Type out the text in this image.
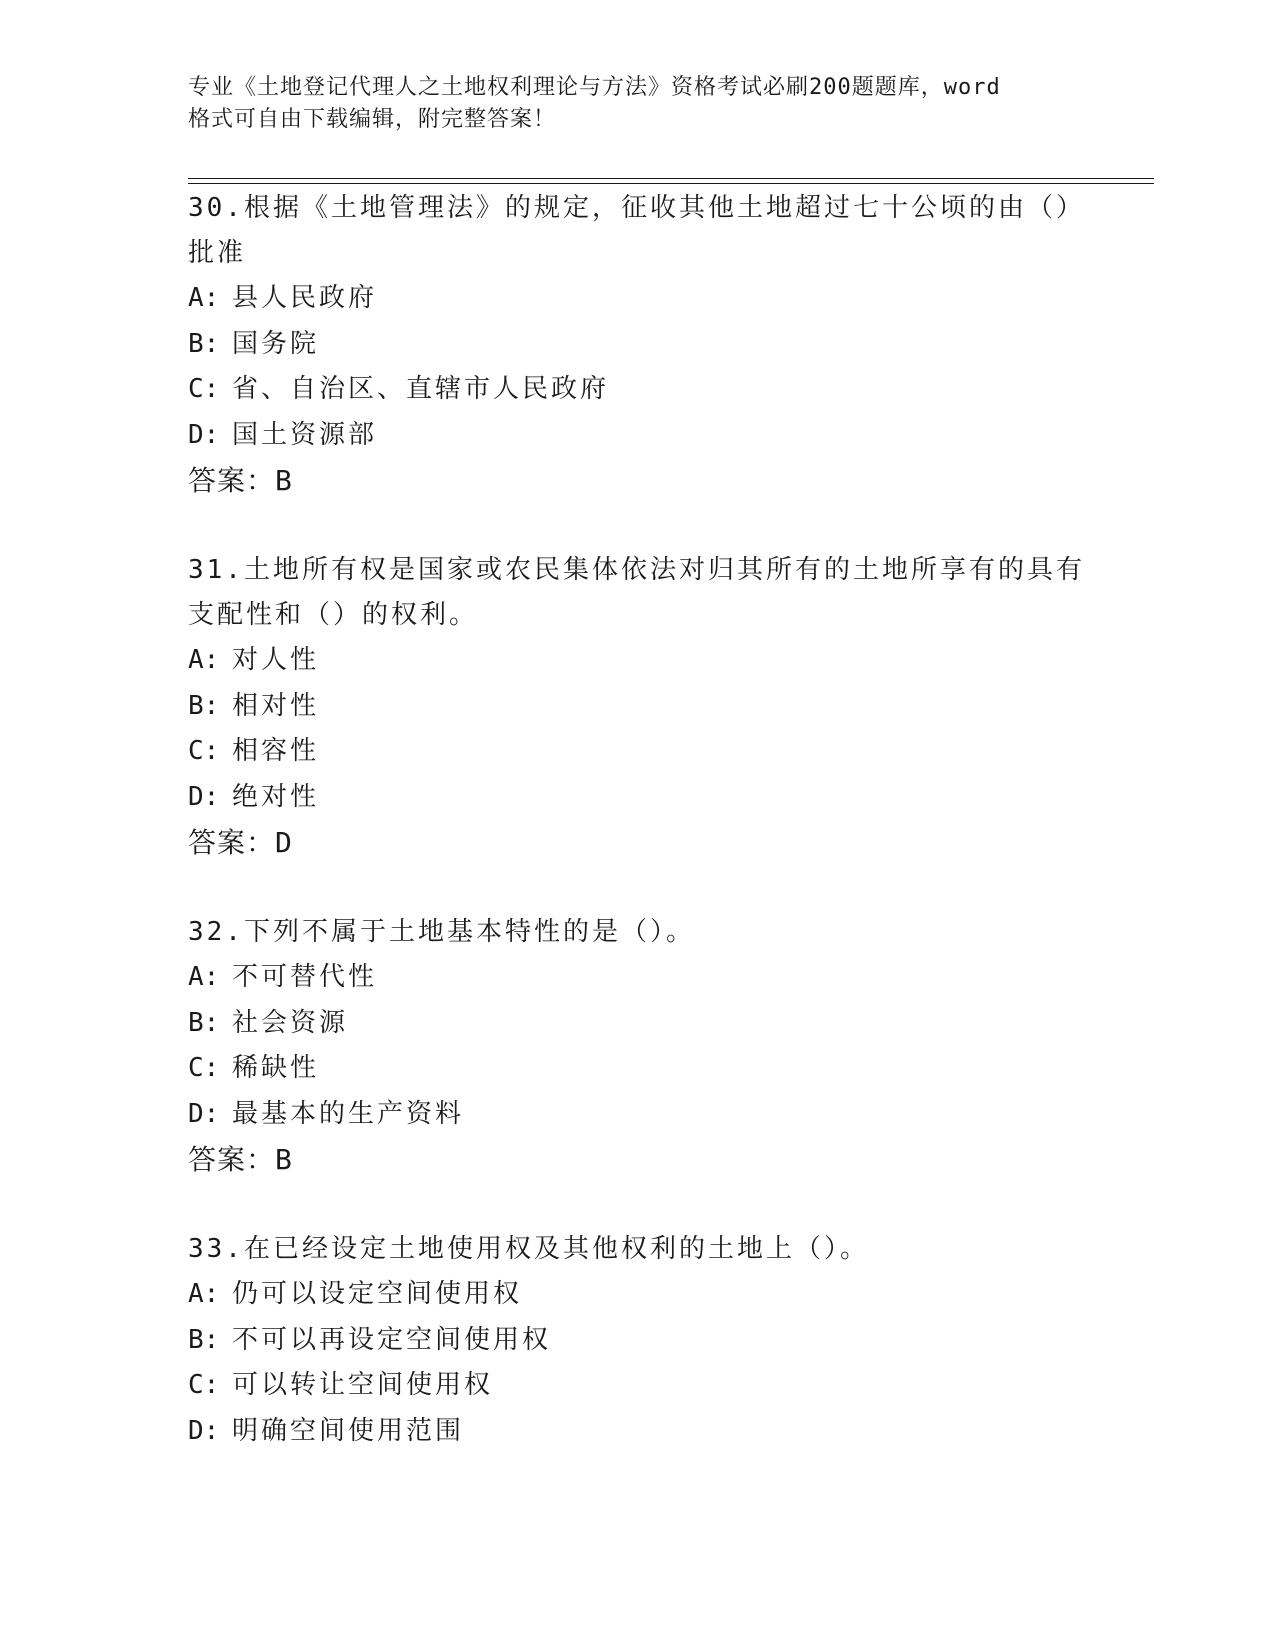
专业《土地登记代理人之土地权利理论与方法》资格考试必刷200题题库，word
格式可自由下载编辑，附完整答案！

30.根据《土地管理法》的规定，征收其他土地超过七十公顷的由（）

批准

A: 县人民政府

B: 国务院

C: 省、自治区、直辖市人民政府

D: 国土资源部

答案：B

31.土地所有权是国家或农民集体依法对归其所有的土地所享有的具有

支配性和（）的权利。

A: 对人性

B: 相对性

C: 相容性

D: 绝对性

答案：D

32.下列不属于土地基本特性的是（）。

A: 不可替代性

B: 社会资源

C: 稀缺性

D: 最基本的生产资料

答案：B

33.在已经设定土地使用权及其他权利的土地上（）。

A: 仍可以设定空间使用权

B: 不可以再设定空间使用权

C: 可以转让空间使用权

D: 明确空间使用范围
